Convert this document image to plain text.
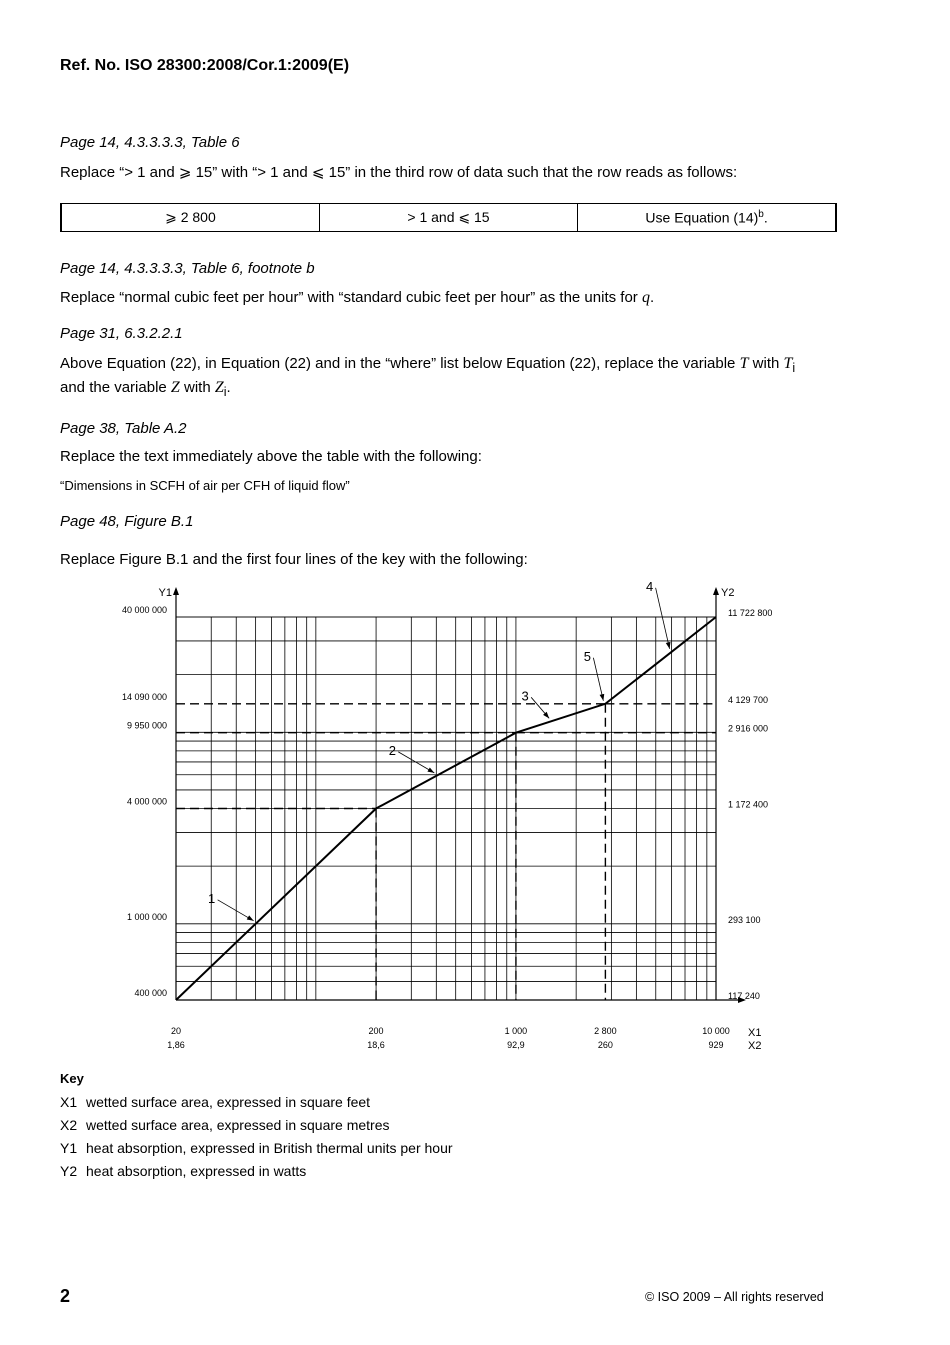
Ref. No. ISO 28300:2008/Cor.1:2009(E)
Page 14, 4.3.3.3.3, Table 6
Replace “> 1 and ⩾ 15” with “> 1 and ⩽ 15” in the third row of data such that the row reads as follows:
⩾ 2 800	> 1 and ⩽ 15	Use Equation $(14)^b$.
Page 14, 4.3.3.3.3, Table 6, footnote b
Replace “normal cubic feet per hour” with “standard cubic feet per hour” as the units for q.
Page 31, 6.3.2.2.1
Above Equation (22), in Equation (22) and in the “where” list below Equation (22), replace the variable T with $T_i$
and the variable Z with $Z_i$.
Page 38, Table A.2
Replace the text immediately above the table with the following:
“Dimensions in SCFH of air per CFH of liquid flow”
Page 48, Figure B.1
Replace Figure B.1 and the first four lines of the key with the following:
Y1	Y2
X1
X2
20
1,86
200
18,6
1 000
92,9
2 800
260
10 000
929
400 000	117 240
1 000 000	293 100
4 000 000	1 172 400
9 950 000	2 916 000
14 090 000	4 129 700
40 000 000	11 722 800
1
2
3
4
5
Key
X1 wetted surface area, expressed in square feet
X2 wetted surface area, expressed in square metres
Y1 heat absorption, expressed in British thermal units per hour
Y2 heat absorption, expressed in watts
2	© ISO 2009 – All rights reserved
